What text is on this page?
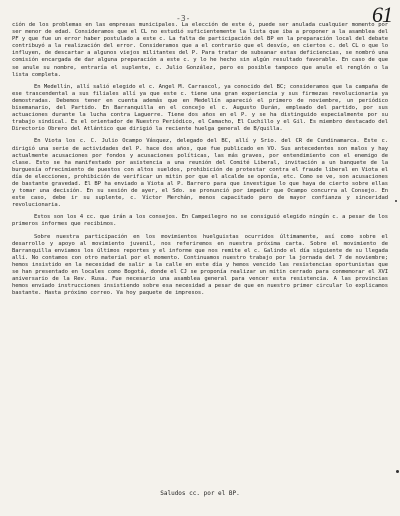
61
-3-

ción de los problemas en las empresas municipales. La elección de este ó, puede ser anulada cualquier momento por ser menor de edad. Consideramos que el CL no estudió suficientemente la lista que iba a proponer a la asamblea del PF y que fue un error haber postulado a este c. La falta de participación del BP en la preparación local del debate contribuyó a la realización del error. Consideramos que a el contrario que el desvío, en ciertos c. del CL o que lo influyen, de descartar a algunos viejos militantes del P. Para tratar de subsanar estas deficiencias, se nombró una comisión encargada de dar alguna preparación a este c. y lo he hecho sin algún resultado favorable. En caso de que se anule su nombre, entraría el suplente, c. Julio González, pero es posible tampoco que anule el renglón o la lista completa.

En Medellín, allí salió elegido el c. Angel M. Carrascol, ya conocido del BC; consideramos que la campaña de ese trascendental a sus filiales allí ya que este c. tiene una gran experiencia y sus firmezas revolucionaria ya demostradas. Debemos tener en cuenta además que en Medellín apareció el primero de noviembre, un periódico bisemanario, del Partido. En Barranquilla en el concejo el c. Augusto Durán, empleado del partido, por sus actuaciones durante la lucha contra Laguerre. Tiene dos años en el P. y se ha distinguido especialmente por su trabajo sindical. Es el orientador de Nuestro Periódico, el Camacho, El Cuchillo y el Gil. Es miembro destacado del Directorio Obrero del Atlántico que dirigió la reciente huelga general de B/quilla.

En Viota los c. C. Julio Ocampo Vásquez, delegado del BC, allí y Srio. del CR de Cundinamarca. Este c. dirigió una serie de actividades del P. hace dos años, que fue publicado en VO. Sus antecedentes son malos y hay actualmente acusaciones por fondos y acusaciones políticas, las más graves, por entendimiento con el enemigo de clase. Esto se ha manifestado por asistencia a una reunión del Comité Liberal, invitación a un banquete de la burguesía ofrecimiento de puestos con altos sueldos, prohibición de protestar contra el fraude liberal en Viota el día de elecciones, prohibición de verificar un mitin por que el alcalde se oponía, etc. Como se ve, son acusaciones de bastante gravedad. El BP ha enviado a Viota al P. Barrero para que investigue lo que haya de cierto sobre ellas y tomar una decisión. En su sesión de ayer, el Sdo. se pronunció por impedir que Ocampo concurra al Consejo. En este caso, debe ir su suplente, c. Víctor Merchán, menos capacitado pero de mayor confianza y sinceridad revolucionaria.

Estos son los 4 cc. que irán a los consejos. En Campeilegro no se consiguió elegido ningún c. a pesar de los primeros informes que recibimos.

Sobre nuestra participación en los movimientos huelguistas ocurridos últimamente, así como sobre el desarrollo y apoyo al movimiento juvenil, nos referiremos en nuestra próxima carta. Sobre el movimiento de Barranquilla enviamos los últimos reportes y el informe que nos remite el c. Galindo el día siguiente de su llegada allí. No contamos con otro material por el momento. Continuamos nuestro trabajo por la jornada del 7 de noviembre; hemos insistido en la necesidad de salir a la calle en este día y hemos vencido las resistencias oportunistas que se han presentado en locales como Bogotá, donde el CJ se proponía realizar un mitin cerrado para conmemorar el XVI aniversario de la Rev. Rusa. Fue necesario una asamblea general para vencer esta resistencia. A las provincias hemos enviado instrucciones insistiendo sobre esa necesidad a pesar de que en nuestro primer circular lo explicamos bastante. Hasta próximo correo. Va hoy paquete de impresos.

Saludos cc. por el BP.
